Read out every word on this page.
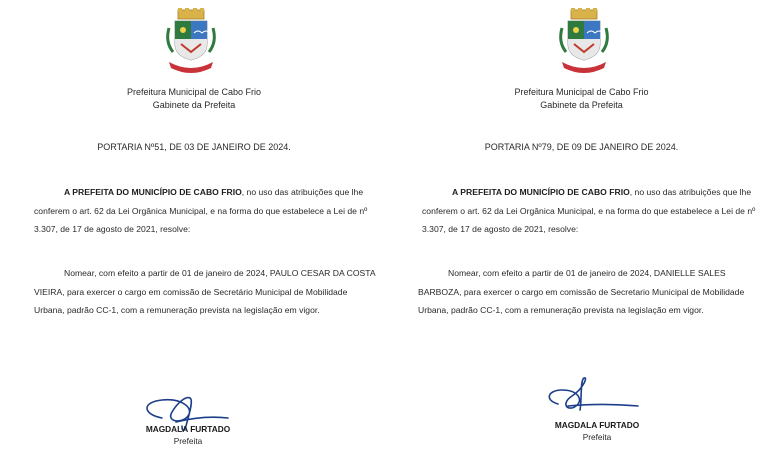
Prefeitura Municipal de Cabo Frio
Gabinete da Prefeita
PORTARIA Nº51, DE 03 DE JANEIRO DE 2024.
A PREFEITA DO MUNICÍPIO DE CABO FRIO, no uso das atribuições que lhe conferem o art. 62 da Lei Orgânica Municipal, e na forma do que estabelece a Lei de nº 3.307, de 17 de agosto de 2021, resolve:
Nomear, com efeito a partir de 01 de janeiro de 2024, PAULO CESAR DA COSTA VIEIRA, para exercer o cargo em comissão de Secretário Municipal de Mobilidade Urbana, padrão CC-1, com a remuneração prevista na legislação em vigor.
MAGDALA FURTADO
Prefeita
Prefeitura Municipal de Cabo Frio
Gabinete da Prefeita
PORTARIA Nº79, DE 09 DE JANEIRO DE 2024.
A PREFEITA DO MUNICÍPIO DE CABO FRIO, no uso das atribuições que lhe conferem o art. 62 da Lei Orgânica Municipal, e na forma do que estabelece a Lei de nº 3.307, de 17 de agosto de 2021, resolve:
Nomear, com efeito a partir de 01 de janeiro de 2024, DANIELLE SALES BARBOZA, para exercer o cargo em comissão de Secretario Municipal de Mobilidade Urbana, padrão CC-1, com a remuneração prevista na legislação em vigor.
MAGDALA FURTADO
Prefeita
